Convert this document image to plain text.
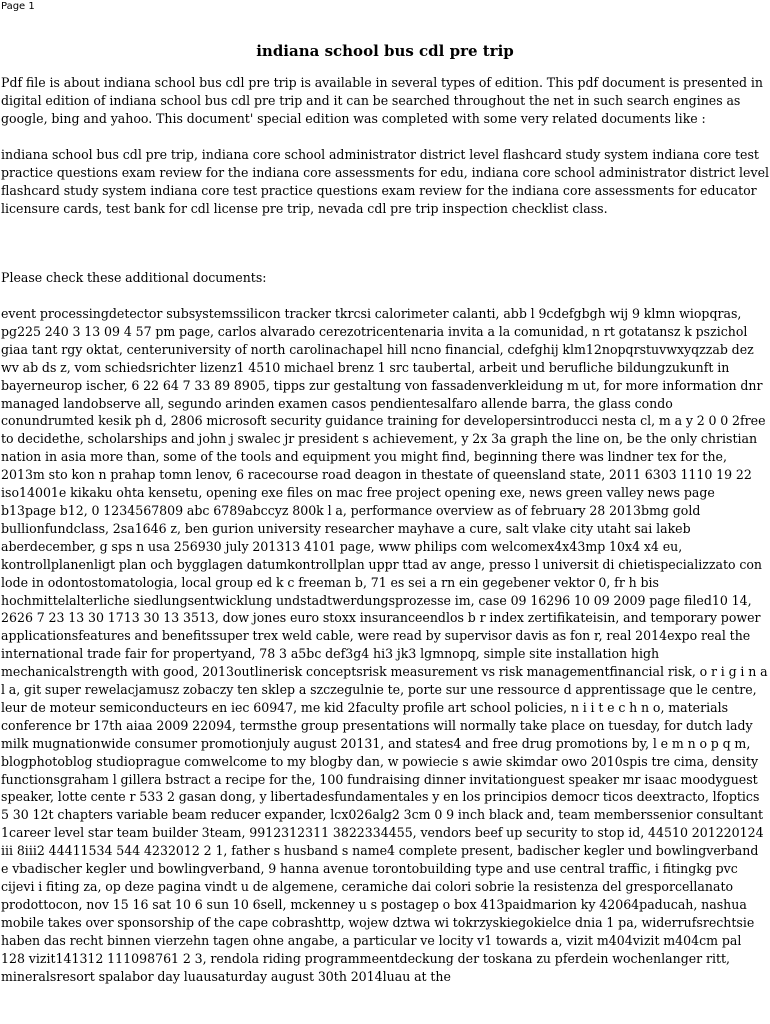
Page 1
indiana school bus cdl pre trip

Pdf file is about indiana school bus cdl pre trip is available in several types of edition. This pdf document is presented in digital edition of indiana school bus cdl pre trip and it can be searched throughout the net in such search engines as google, bing and yahoo. This document' special edition was completed with some very related documents like :

indiana school bus cdl pre trip, indiana core school administrator district level flashcard study system indiana core test practice questions exam review for the indiana core assessments for edu, indiana core school administrator district level flashcard study system indiana core test practice questions exam review for the indiana core assessments for educator licensure cards, test bank for cdl license pre trip, nevada cdl pre trip inspection checklist class.

Please check these additional documents:

event processingdetector subsystemssilicon tracker tkrcsi calorimeter calanti, abb l 9cdefgbgh wij 9 klmn wiopqras, pg225 240 3 13 09 4 57 pm page, carlos alvarado cerezotricentenaria invita a la comunidad, n rt gotatansz k pszichol giaa tant rgy oktat, centeruniversity of north carolinachapel hill ncno financial, cdefghij klm12nopqrstuvwxyqzzab dez wv ab ds z, vom schiedsrichter lizenz1 4510 michael brenz 1 src taubertal, arbeit und berufliche bildungzukunft in bayerneurop ischer, 6 22 64 7 33 89 8905, tipps zur gestaltung von fassadenverkleidung m ut, for more information dnr managed landobserve all, segundo arinden examen casos pendientesalfaro allende barra, the glass condo conundrumted kesik ph d, 2806 microsoft security guidance training for developersintroducci nesta cl, m a y 2 0 0 2free to decidethe, scholarships and john j swalec jr president s achievement, y 2x 3a graph the line on, be the only christian nation in asia more than, some of the tools and equipment you might find, beginning there was lindner tex for the, 2013m sto kon n prahap tomn lenov, 6 racecourse road deagon in thestate of queensland state, 2011 6303 1110 19 22 iso14001e kikaku ohta kensetu, opening exe files on mac free project opening exe, news green valley news page b13page b12, 0 1234567809 abc 6789abccyz 800k l a, performance overview as of february 28 2013bmg gold bullionfundclass, 2sa1646 z, ben gurion university researcher mayhave a cure, salt vlake city utaht sai lakeb aberdecember, g sps n usa 256930 july 201313 4101 page, www philips com welcomex4x43mp 10x4 x4 eu, kontrollplanenligt plan och bygglagen datumkontrollplan uppr ttad av ange, presso l universit di chietispecializzato con lode in odontostomatologia, local group ed k c freeman b, 71 es sei a rn ein gegebener vektor 0, fr h bis hochmittelalterliche siedlungsentwicklung undstadtwerdungsprozesse im, case 09 16296 10 09 2009 page filed10 14, 2626 7 23 13 30 1713 30 13 3513, dow jones euro stoxx insuranceendlos b r index zertifikateisin, and temporary power applicationsfeatures and benefitssuper trex weld cable, were read by supervisor davis as fon r, real 2014expo real the international trade fair for propertyand, 78 3 a5bc def3g4 hi3 jk3 lgmnopq, simple site installation high mechanicalstrength with good, 2013outlinerisk conceptsrisk measurement vs risk managementfinancial risk, o r i g i n a l a, git super rewelacjamusz zobaczy ten sklep a szczegulnie te, porte sur une ressource d apprentissage que le centre, leur de moteur semiconducteurs en iec 60947, me kid 2faculty profile art school policies, n i i t e c h n o, materials conference br 17th aiaa 2009 22094, termsthe group presentations will normally take place on tuesday, for dutch lady milk mugnationwide consumer promotionjuly august 20131, and states4 and free drug promotions by, l e m n o p q m, blogphotoblog studioprague comwelcome to my blogby dan, w powiecie s awie skimdar owo 2010spis tre cima, density functionsgraham l gillera bstract a recipe for the, 100 fundraising dinner invitationguest speaker mr isaac moodyguest speaker, lotte cente r 533 2 gasan dong, y libertadesfundamentales y en los principios democr ticos deextracto, lfoptics 5 30 12t chapters variable beam reducer expander, lcx026alg2 3cm 0 9 inch black and, team memberssenior consultant 1career level star team builder 3team, 9912312311 3822334455, vendors beef up security to stop id, 44510 201220124 iii 8iii2 44411534 544 4232012 2 1, father s husband s name4 complete present, badischer kegler und bowlingverband e vbadischer kegler und bowlingverband, 9 hanna avenue torontobuilding type and use central traffic, i fitingkg pvc cijevi i fiting za, op deze pagina vindt u de algemene, ceramiche dai colori sobrie la resistenza del gresporcellanato prodottocon, nov 15 16 sat 10 6 sun 10 6sell, mckenney u s postagep o box 413paidmarion ky 42064paducah, nashua mobile takes over sponsorship of the cape cobrashttp, wojew dztwa wi tokrzyskiegokielce dnia 1 pa, widerrufsrechtsie haben das recht binnen vierzehn tagen ohne angabe, a particular ve locity v1 towards a, vizit m404vizit m404cm pal 128 vizit141312 111098761 2 3, rendola riding programmeentdeckung der toskana zu pferdein wochenlanger ritt, mineralsresort spalabor day luausaturday august 30th 2014luau at the
